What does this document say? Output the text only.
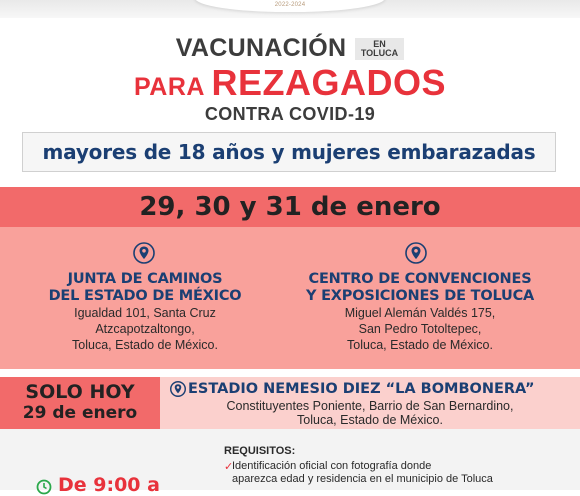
2022-2024
VACUNACIÓN	EN
TOLUCA
PARA REZAGADOS
CONTRA COVID-19
mayores de 18 años y mujeres embarazadas
29, 30 y 31 de enero
JUNTA DE CAMINOS
DEL ESTADO DE MÉXICO
Igualdad 101, Santa Cruz
Atzcapotzaltongo,
Toluca, Estado de México.
CENTRO DE CONVENCIONES
Y EXPOSICIONES DE TOLUCA
Miguel Alemán Valdés 175,
San Pedro Totoltepec,
Toluca, Estado de México.
SOLO HOY
29 de enero
ESTADIO NEMESIO DIEZ “LA BOMBONERA”
Constituyentes Poniente, Barrio de San Bernardino,
Toluca, Estado de México.
REQUISITOS:
✓
Identificación oficial con fotografía donde
aparezca edad y residencia en el municipio de Toluca
De 9:00 a
